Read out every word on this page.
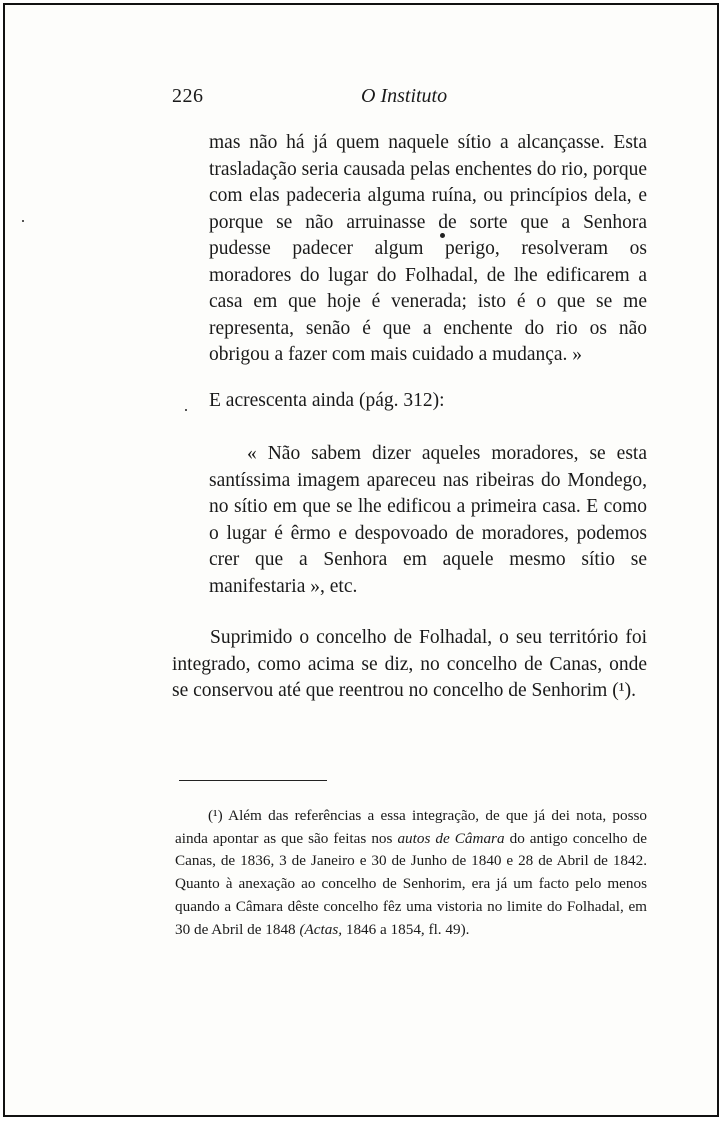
226	O Instituto

mas não há já quem naquele sítio a alcançasse. Esta trasladação seria causada pelas enchentes do rio, porque com elas padeceria alguma ruína, ou princípios dela, e porque se não arruinasse de sorte que a Senhora pudesse padecer algum perigo, resolveram os moradores do lugar do Folhadal, de lhe edificarem a casa em que hoje é venerada; isto é o que se me representa, senão é que a enchente do rio os não obrigou a fazer com mais cuidado a mudança. »

E acrescenta ainda (pág. 312):

« Não sabem dizer aqueles moradores, se esta santíssima imagem apareceu nas ribeiras do Mondego, no sítio em que se lhe edificou a primeira casa. E como o lugar é êrmo e despovoado de moradores, podemos crer que a Senhora em aquele mesmo sítio se manifestaria », etc.

Suprimido o concelho de Folhadal, o seu território foi integrado, como acima se diz, no concelho de Canas, onde se conservou até que reentrou no concelho de Senhorim (¹).

(¹) Além das referências a essa integração, de que já dei nota, posso ainda apontar as que são feitas nos autos de Câmara do antigo concelho de Canas, de 1836, 3 de Janeiro e 30 de Junho de 1840 e 28 de Abril de 1842. Quanto à anexação ao concelho de Senhorim, era já um facto pelo menos quando a Câmara dêste concelho fêz uma vistoria no limite do Folhadal, em 30 de Abril de 1848 (Actas, 1846 a 1854, fl. 49).
